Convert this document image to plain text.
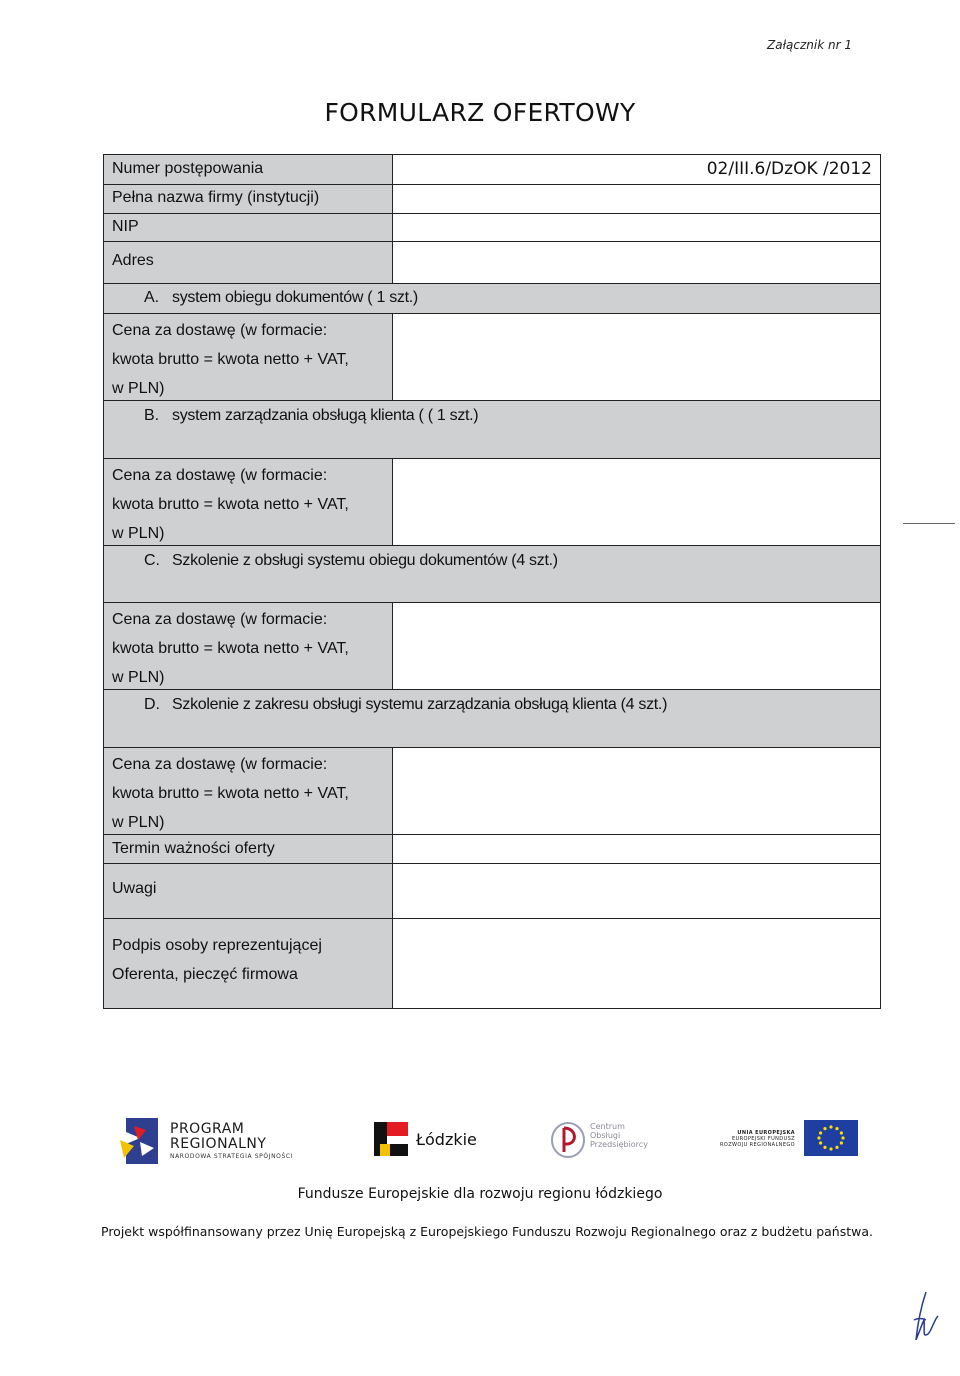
Załącznik nr 1
FORMULARZ OFERTOWY
Numer postępowania	02/III.6/DzOK /2012
Pełna nazwa firmy (instytucji)
NIP
Adres
A. system obiegu dokumentów ( 1 szt.)
Cena za dostawę (w formacie:
kwota brutto = kwota netto + VAT,
w PLN)
B. system zarządzania obsługą klienta ( ( 1 szt.)
Cena za dostawę (w formacie:
kwota brutto = kwota netto + VAT,
w PLN)
C. Szkolenie z obsługi systemu obiegu dokumentów (4 szt.)
Cena za dostawę (w formacie:
kwota brutto = kwota netto + VAT,
w PLN)
D. Szkolenie z zakresu obsługi systemu zarządzania obsługą klienta (4 szt.)
Cena za dostawę (w formacie:
kwota brutto = kwota netto + VAT,
w PLN)
Termin ważności oferty
Uwagi
Podpis osoby reprezentującej
Oferenta, pieczęć firmowa
PROGRAM
REGIONALNY
NARODOWA STRATEGIA SPÓJNOŚCI
Łódzkie
Centrum
Obsługi
Przedsiębiorcy
UNIA EUROPEJSKA
EUROPEJSKI FUNDUSZ
ROZWOJU REGIONALNEGO
Fundusze Europejskie dla rozwoju regionu łódzkiego
Projekt współfinansowany przez Unię Europejską z Europejskiego Funduszu Rozwoju Regionalnego oraz z budżetu państwa.
